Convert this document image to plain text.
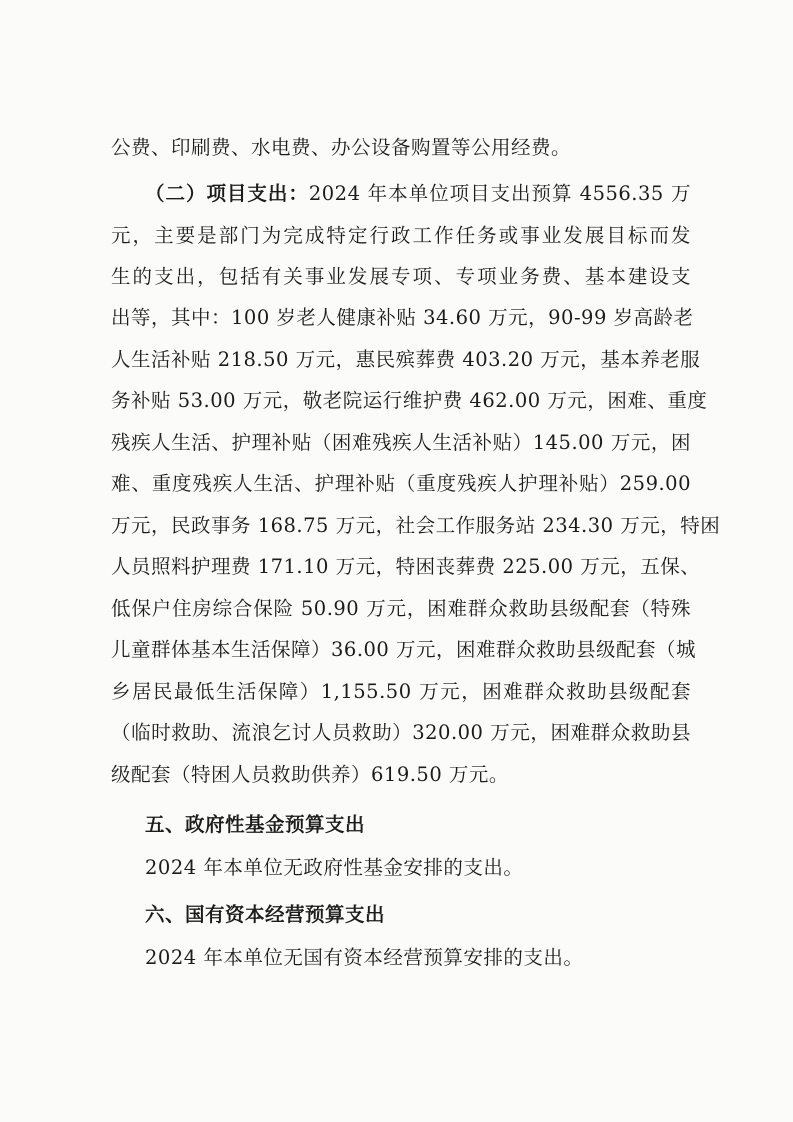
公费、印刷费、水电费、办公设备购置等公用经费。
（二）项目支出：2024 年本单位项目支出预算 4556.35 万
元，主要是部门为完成特定行政工作任务或事业发展目标而发
生的支出，包括有关事业发展专项、专项业务费、基本建设支
出等，其中：100 岁老人健康补贴 34.60 万元，90-99 岁高龄老
人生活补贴 218.50 万元，惠民殡葬费 403.20 万元，基本养老服
务补贴 53.00 万元，敬老院运行维护费 462.00 万元，困难、重度
残疾人生活、护理补贴（困难残疾人生活补贴）145.00 万元，困
难、重度残疾人生活、护理补贴（重度残疾人护理补贴）259.00
万元，民政事务 168.75 万元，社会工作服务站 234.30 万元，特困
人员照料护理费 171.10 万元，特困丧葬费 225.00 万元，五保、
低保户住房综合保险 50.90 万元，困难群众救助县级配套（特殊
儿童群体基本生活保障）36.00 万元，困难群众救助县级配套（城
乡居民最低生活保障）1,155.50 万元，困难群众救助县级配套
（临时救助、流浪乞讨人员救助）320.00 万元，困难群众救助县
级配套（特困人员救助供养）619.50 万元。
五、政府性基金预算支出
2024 年本单位无政府性基金安排的支出。
六、国有资本经营预算支出
2024 年本单位无国有资本经营预算安排的支出。
